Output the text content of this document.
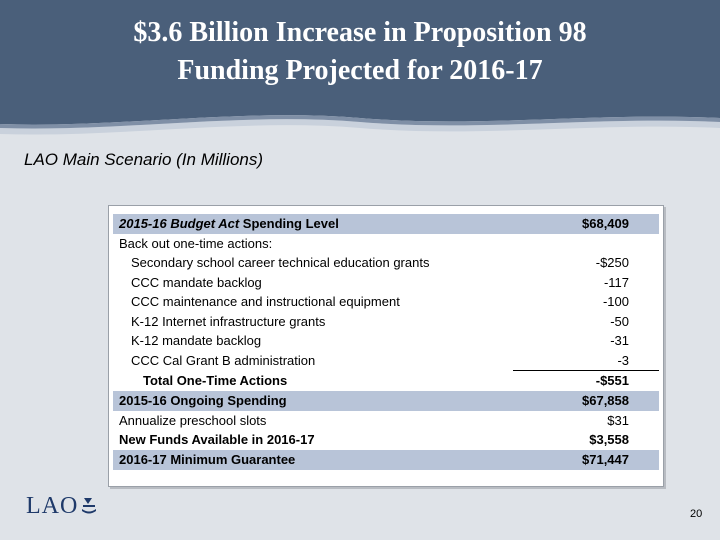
$3.6 Billion Increase in Proposition 98
Funding Projected for 2016-17
LAO Main Scenario (In Millions)
2015-16 Budget Act Spending Level	$68,409
Back out one-time actions:
Secondary school career technical education grants	-$250
CCC mandate backlog	-117
CCC maintenance and instructional equipment	-100
K-12 Internet infrastructure grants	-50
K-12 mandate backlog	-31
CCC Cal Grant B administration	-3
Total One-Time Actions	-$551
2015-16 Ongoing Spending	$67,858
Annualize preschool slots	$31
New Funds Available in 2016-17	$3,558
2016-17 Minimum Guarantee	$71,447
LAO	20
